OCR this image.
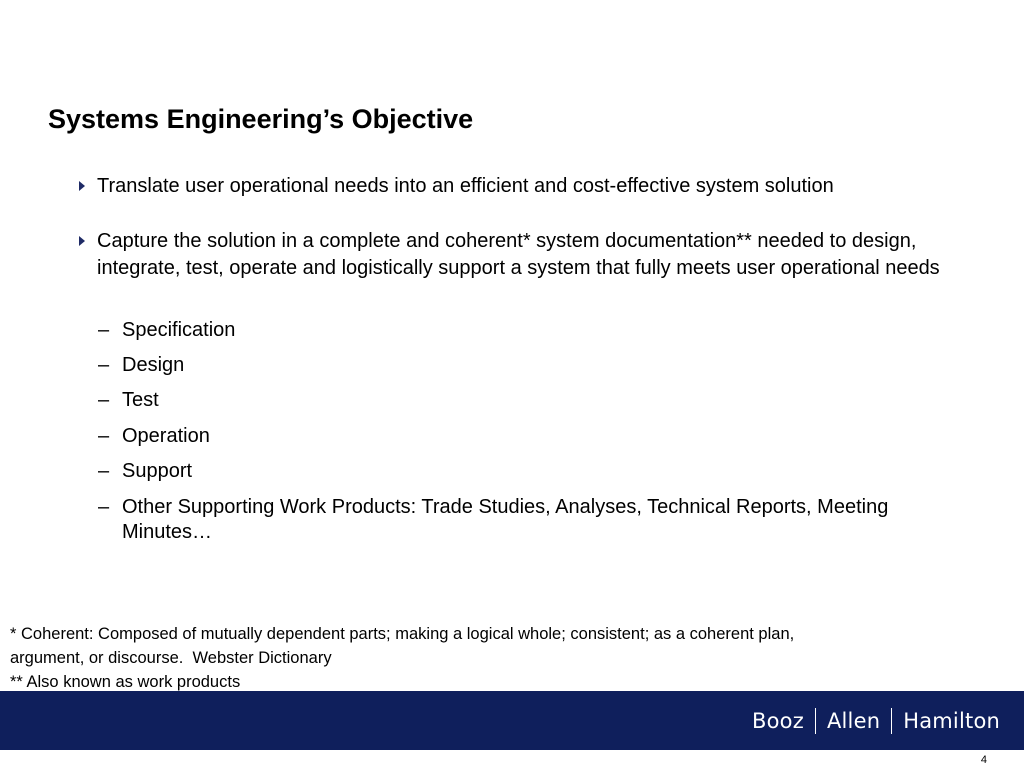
Systems Engineering’s Objective
Translate user operational needs into an efficient and cost-effective system solution
Capture the solution in a complete and coherent* system documentation** needed to design, integrate, test, operate and logistically support a system that fully meets user operational needs
– Specification
– Design
– Test
– Operation
– Support
– Other Supporting Work Products: Trade Studies, Analyses, Technical Reports, Meeting Minutes…
* Coherent: Composed of mutually dependent parts; making a logical whole; consistent; as a coherent plan,
argument, or discourse.  Webster Dictionary
** Also known as work products
Booz Allen Hamilton
4
